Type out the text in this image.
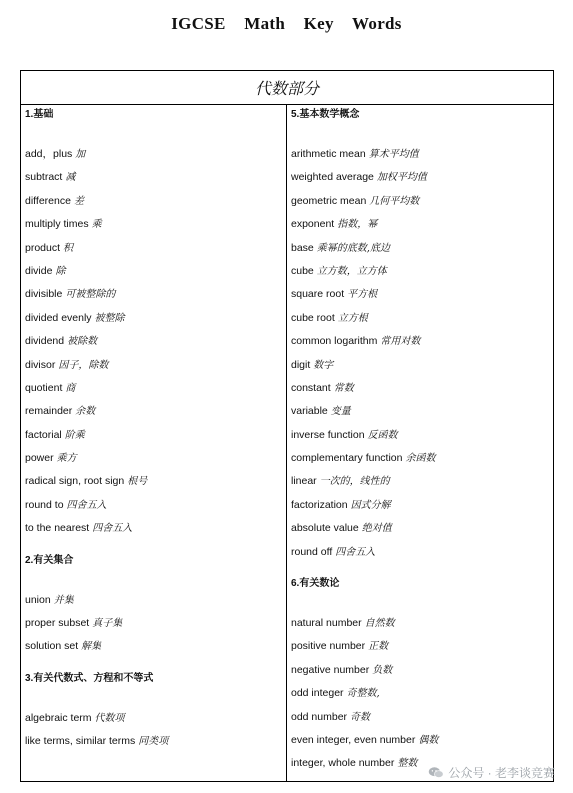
IGCSE Math Key Words
代数部分
1.基础
add，plus 加
subtract 减
difference 差
multiply times 乘
product 积
divide 除
divisible 可被整除的
divided evenly 被整除
dividend 被除数
divisor 因子，除数
quotient 商
remainder 余数
factorial 阶乘
power 乘方
radical sign, root sign 根号
round to 四舍五入
to the nearest 四舍五入
2.有关集合
union 并集
proper subset 真子集
solution set 解集
3.有关代数式、方程和不等式
algebraic term 代数项
like terms, similar terms 同类项
5.基本数学概念
arithmetic mean 算术平均值
weighted average 加权平均值
geometric mean 几何平均数
exponent 指数，幂
base 乘幂的底数,底边
cube 立方数，立方体
square root 平方根
cube root 立方根
common logarithm 常用对数
digit 数字
constant 常数
variable 变量
inverse function 反函数
complementary function 余函数
linear 一次的，线性的
factorization 因式分解
absolute value 绝对值
round off 四舍五入
6.有关数论
natural number 自然数
positive number 正数
negative number 负数
odd integer 奇整数,
odd number 奇数
even integer, even number 偶数
integer, whole number 整数
公众号 · 老李谈竞赛
